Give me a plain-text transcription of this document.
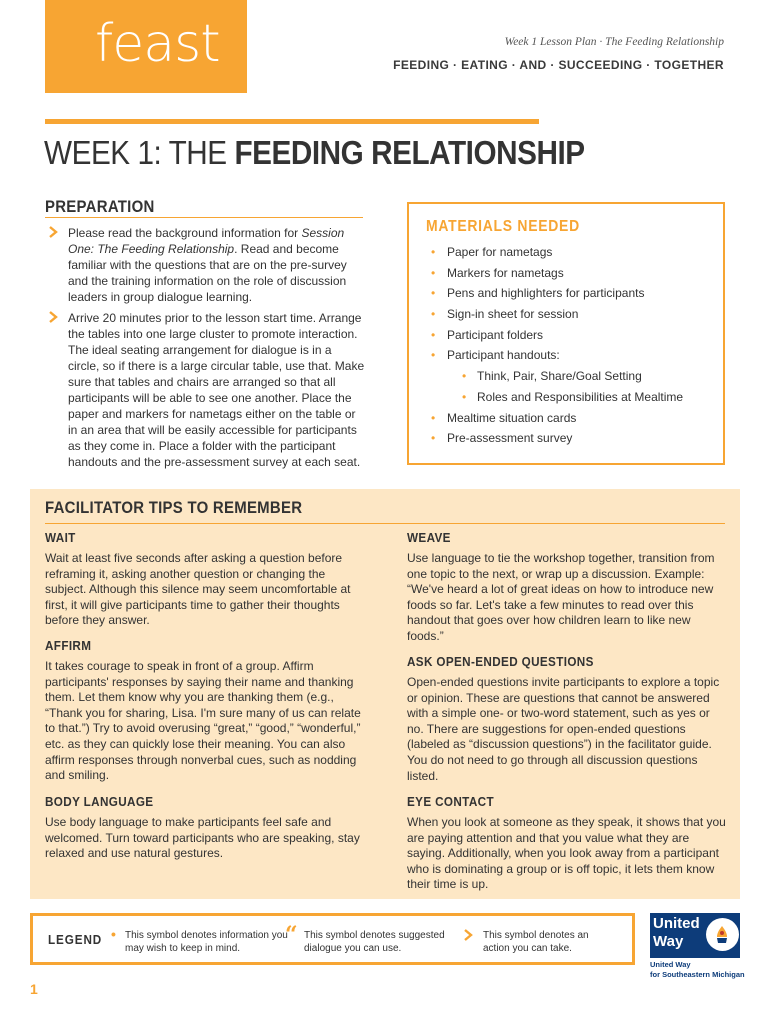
feast	Week 1 Lesson Plan · The Feeding Relationship
FEEDING · EATING · AND · SUCCEEDING · TOGETHER
WEEK 1: THE FEEDING RELATIONSHIP
PREPARATION
Please read the background information for Session One: The Feeding Relationship. Read and become familiar with the questions that are on the pre-survey and the training information on the role of discussion leaders in group dialogue learning.
Arrive 20 minutes prior to the lesson start time. Arrange the tables into one large cluster to promote interaction. The ideal seating arrangement for dialogue is in a circle, so if there is a large circular table, use that. Make sure that tables and chairs are arranged so that all participants will be able to see one another. Place the paper and markers for nametags either on the table or in an area that will be easily accessible for participants as they come in. Place a folder with the participant handouts and the pre-assessment survey at each seat.
MATERIALS NEEDED
• Paper for nametags
• Markers for nametags
• Pens and highlighters for participants
• Sign-in sheet for session
• Participant folders
• Participant handouts:
• Think, Pair, Share/Goal Setting
• Roles and Responsibilities at Mealtime
• Mealtime situation cards
• Pre-assessment survey
FACILITATOR TIPS TO REMEMBER
WAIT
Wait at least five seconds after asking a question before reframing it, asking another question or changing the subject. Although this silence may seem uncomfortable at first, it will give participants time to gather their thoughts before they answer.
AFFIRM
It takes courage to speak in front of a group. Affirm participants' responses by saying their name and thanking them. Let them know why you are thanking them (e.g., “Thank you for sharing, Lisa. I'm sure many of us can relate to that.”) Try to avoid overusing “great,” “good,” “wonderful,” etc. as they can quickly lose their meaning. You can also affirm responses through nonverbal cues, such as nodding and smiling.
BODY LANGUAGE
Use body language to make participants feel safe and welcomed. Turn toward participants who are speaking, stay relaxed and use natural gestures.
WEAVE
Use language to tie the workshop together, transition from one topic to the next, or wrap up a discussion. Example: “We've heard a lot of great ideas on how to introduce new foods so far. Let's take a few minutes to read over this handout that goes over how children learn to like new foods.”
ASK OPEN-ENDED QUESTIONS
Open-ended questions invite participants to explore a topic or opinion. These are questions that cannot be answered with a simple one- or two-word statement, such as yes or no. There are suggestions for open-ended questions (labeled as “discussion questions”) in the facilitator guide. You do not need to go through all discussion questions listed.
EYE CONTACT
When you look at someone as they speak, it shows that you are paying attention and that you value what they are saying. Additionally, when you look away from a participant who is dominating a group or is off topic, it lets them know their time is up.
LEGEND • This symbol denotes information you may wish to keep in mind.
“ This symbol denotes suggested dialogue you can use.
This symbol denotes an action you can take.
United
Way
United Way
for Southeastern Michigan
1
